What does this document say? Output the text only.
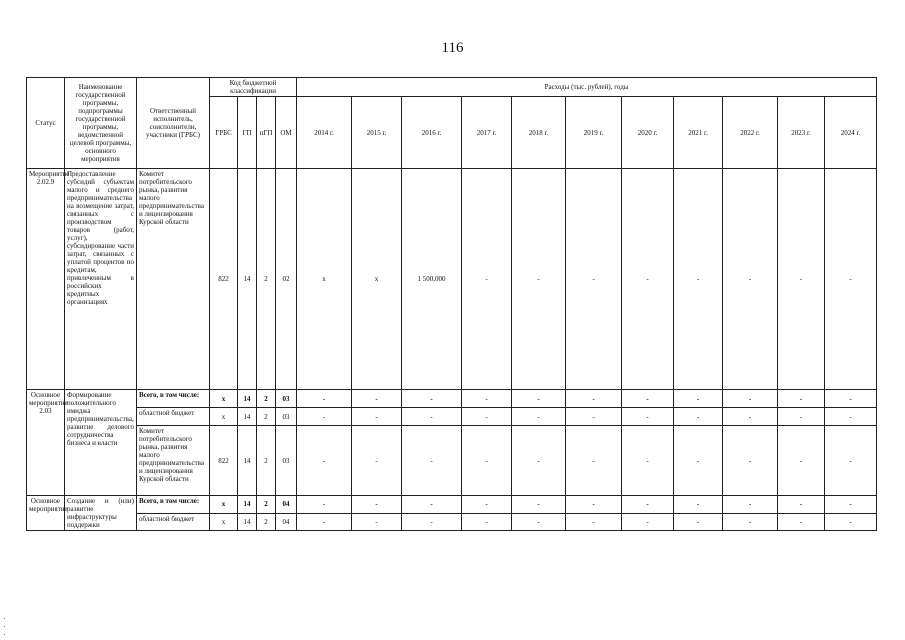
116
Статус	Наименование государственной программы, подпрограммы государственной программы, ведомственной целевой программы, основного мероприятия	Ответственный исполнитель, соисполнители, участники (ГРБС)	Код бюджетной классификации				Расходы (тыс. рублей), годы										
			ГРБС	ГП	пГП	ОМ	2014 г.	2015 г.	2016 г.	2017 г.	2018 г.	2019 г.	2020 г.	2021 г.	2022 г.	2023 г.	2024 г.
Мероприятие 2.02.9	Предоставление субсидий субъектам малого и среднего предпринимательства на возмещение затрат, связанных с производством товаров (работ, услуг), субсидирование части затрат, связанных с уплатой процентов по кредитам, привлеченным в российских кредитных организациях	Комитет потребительского рынка, развития малого предпринимательства и лицензирования Курской области	822	14	2	02	x	x	1 500,000	-	-	-	-	-	-	-	-
Основное мероприятие 2.03	Формирование положительного имиджа предпринимательства, развитие делового сотрудничества бизнеса и власти	Всего, в том числе:	x	14	2	03	-	-	-	-	-	-	-	-	-	-	-
		областной бюджет	x	14	2	03	-	-	-	-	-	-	-	-	-	-	-
		Комитет потребительского рынка, развития малого предпринимательства и лицензирования Курской области	822	14	2	03	-	-	-	-	-	-	-	-	-	-	-
Основное мероприятие	Создание и (или) развитие инфраструктуры поддержки	Всего, в том числе:	x	14	2	04	-	-	-	-	-	-	-	-	-	-	-
		областной бюджет	x	14	2	04	-	-	-	-	-	-	-	-	-	-	-
